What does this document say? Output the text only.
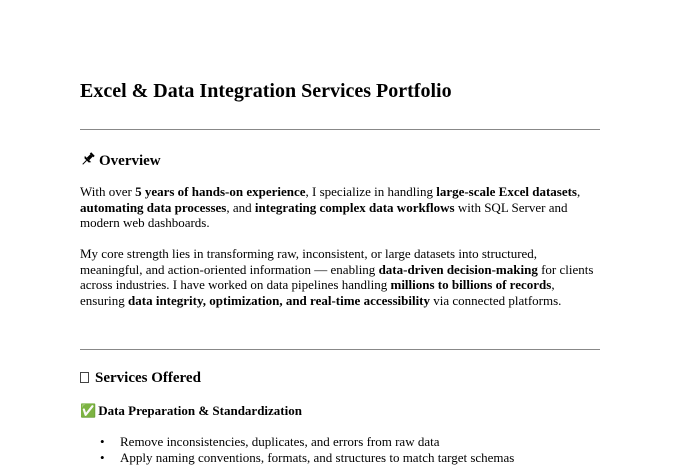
Excel & Data Integration Services Portfolio
Overview

With over 5 years of hands-on experience, I specialize in handling large-scale Excel datasets, automating data processes, and integrating complex data workflows with SQL Server and modern web dashboards.

My core strength lies in transforming raw, inconsistent, or large datasets into structured, meaningful, and action-oriented information — enabling data-driven decision-making for clients across industries. I have worked on data pipelines handling millions to billions of records, ensuring data integrity, optimization, and real-time accessibility via connected platforms.

Services Offered
✅ Data Preparation & Standardization
• Remove inconsistencies, duplicates, and errors from raw data
• Apply naming conventions, formats, and structures to match target schemas
